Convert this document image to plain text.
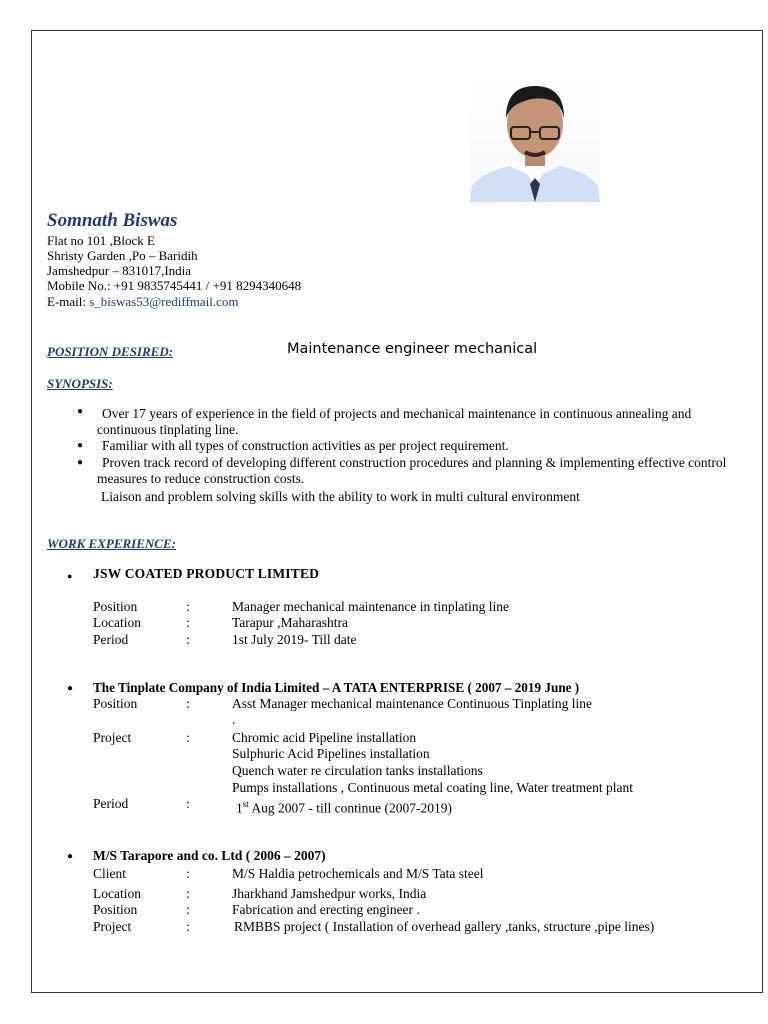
Somnath Biswas
Flat no 101 ,Block E
Shristy Garden ,Po – Baridih
Jamshedpur – 831017,India
Mobile No.: +91 9835745441 / +91 8294340648
E-mail: s_biswas53@rediffmail.com
POSITION DESIRED:	Maintenance engineer mechanical
SYNOPSIS:
●	Over 17 years of experience in the field of projects and mechanical maintenance in continuous annealing and continuous tinplating line.
●	Familiar with all types of construction activities as per project requirement.
●	Proven track record of developing different construction procedures and planning & implementing effective control measures to reduce construction costs.
Liaison and problem solving skills with the ability to work in multi cultural environment
WORK EXPERIENCE:
● JSW COATED PRODUCT LIMITED
Position	:	Manager mechanical maintenance in tinplating line
Location	:	Tarapur ,Maharashtra
Period	:	1st July 2019- Till date
● The Tinplate Company of India Limited – A TATA ENTERPRISE ( 2007 – 2019 June )
Position	:	Asst Manager mechanical maintenance Continuous Tinplating line
.
Project	:	Chromic acid Pipeline installation
Sulphuric Acid Pipelines installation
Quench water re circulation tanks installations
Pumps installations , Continuous metal coating line, Water treatment plant
Period	:	1st Aug 2007 - till continue (2007-2019)
● M/S Tarapore and co. Ltd ( 2006 – 2007)
Client	:	M/S Haldia petrochemicals and M/S Tata steel
Location	:	Jharkhand Jamshedpur works, India
Position	:	Fabrication and erecting engineer .
Project	:	RMBBS project ( Installation of overhead gallery ,tanks, structure ,pipe lines)
